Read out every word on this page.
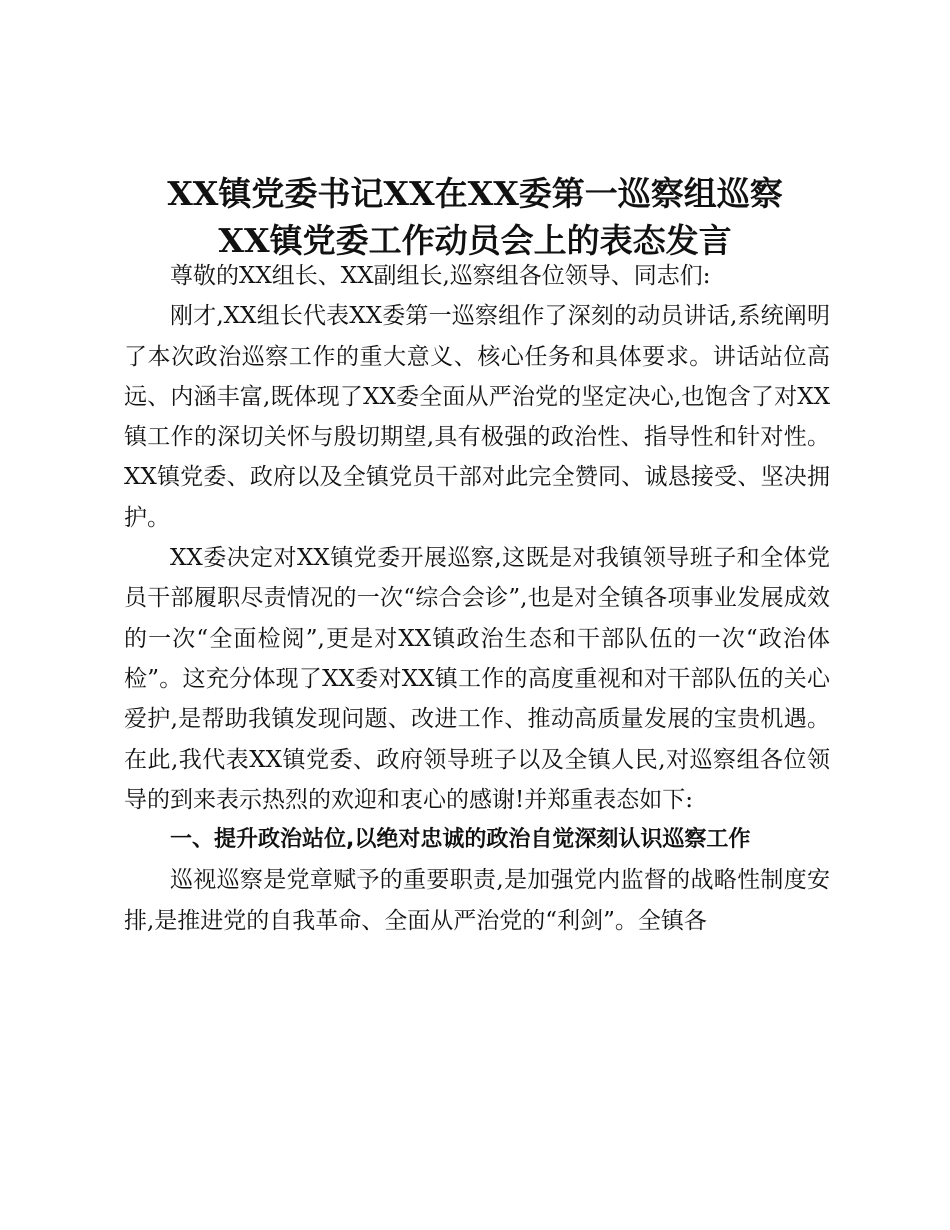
XX镇党委书记XX在XX委第一巡察组巡察
XX镇党委工作动员会上的表态发言

尊敬的XX组长、XX副组长,巡察组各位领导、同志们:

刚才,XX组长代表XX委第一巡察组作了深刻的动员讲话,系统阐明了本次政治巡察工作的重大意义、核心任务和具体要求。讲话站位高远、内涵丰富,既体现了XX委全面从严治党的坚定决心,也饱含了对XX镇工作的深切关怀与殷切期望,具有极强的政治性、指导性和针对性。XX镇党委、政府以及全镇党员干部对此完全赞同、诚恳接受、坚决拥护。

XX委决定对XX镇党委开展巡察,这既是对我镇领导班子和全体党员干部履职尽责情况的一次“综合会诊”,也是对全镇各项事业发展成效的一次“全面检阅”,更是对XX镇政治生态和干部队伍的一次“政治体检”。这充分体现了XX委对XX镇工作的高度重视和对干部队伍的关心爱护,是帮助我镇发现问题、改进工作、推动高质量发展的宝贵机遇。在此,我代表XX镇党委、政府领导班子以及全镇人民,对巡察组各位领导的到来表示热烈的欢迎和衷心的感谢!并郑重表态如下:

一、提升政治站位,以绝对忠诚的政治自觉深刻认识巡察工作

巡视巡察是党章赋予的重要职责,是加强党内监督的战略性制度安排,是推进党的自我革命、全面从严治党的“利剑”。全镇各
